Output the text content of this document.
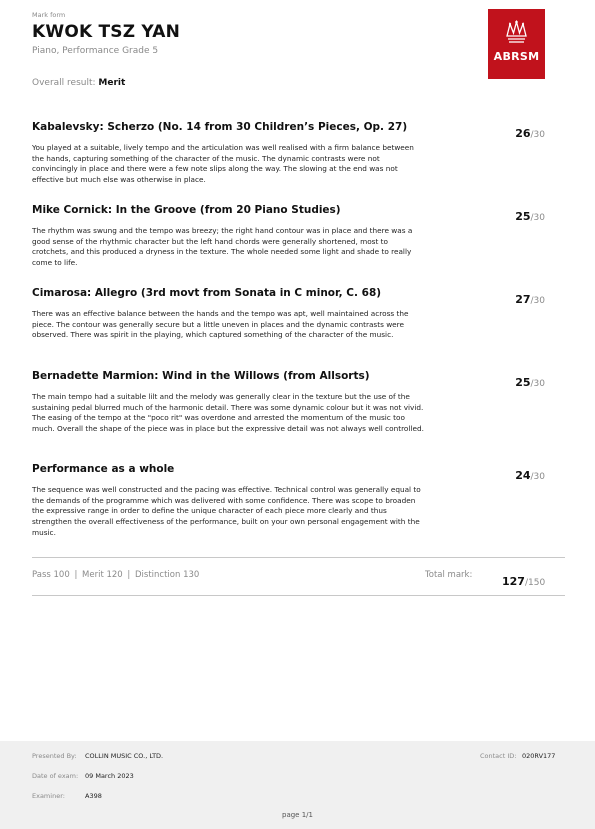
Mark form
KWOK TSZ YAN
Piano, Performance Grade 5
Overall result: Merit
ABRSM
Kabalevsky: Scherzo (No. 14 from 30 Children’s Pieces, Op. 27)	26/30
You played at a suitable, lively tempo and the articulation was well realised with a firm balance between the hands, capturing something of the character of the music. The dynamic contrasts were not convincingly in place and there were a few note slips along the way. The slowing at the end was not effective but much else was otherwise in place.
Mike Cornick: In the Groove (from 20 Piano Studies)	25/30
The rhythm was swung and the tempo was breezy; the right hand contour was in place and there was a good sense of the rhythmic character but the left hand chords were generally shortened, most to crotchets, and this produced a dryness in the texture. The whole needed some light and shade to really come to life.
Cimarosa: Allegro (3rd movt from Sonata in C minor, C. 68)	27/30
There was an effective balance between the hands and the tempo was apt, well maintained across the piece. The contour was generally secure but a little uneven in places and the dynamic contrasts were observed. There was spirit in the playing, which captured something of the character of the music.
Bernadette Marmion: Wind in the Willows (from Allsorts)	25/30
The main tempo had a suitable lilt and the melody was generally clear in the texture but the use of the sustaining pedal blurred much of the harmonic detail. There was some dynamic colour but it was not vivid. The easing of the tempo at the "poco rit" was overdone and arrested the momentum of the music too much. Overall the shape of the piece was in place but the expressive detail was not always well controlled.
Performance as a whole	24/30
The sequence was well constructed and the pacing was effective. Technical control was generally equal to the demands of the programme which was delivered with some confidence. There was scope to broaden the expressive range in order to define the unique character of each piece more clearly and thus strengthen the overall effectiveness of the performance, built on your own personal engagement with the music.
Pass 100 | Merit 120 | Distinction 130	Total mark:	127/150
Presented By: COLLIN MUSIC CO., LTD.	Contact ID: 020RV177
Date of exam: 09 March 2023
Examiner:	A398
page 1/1
